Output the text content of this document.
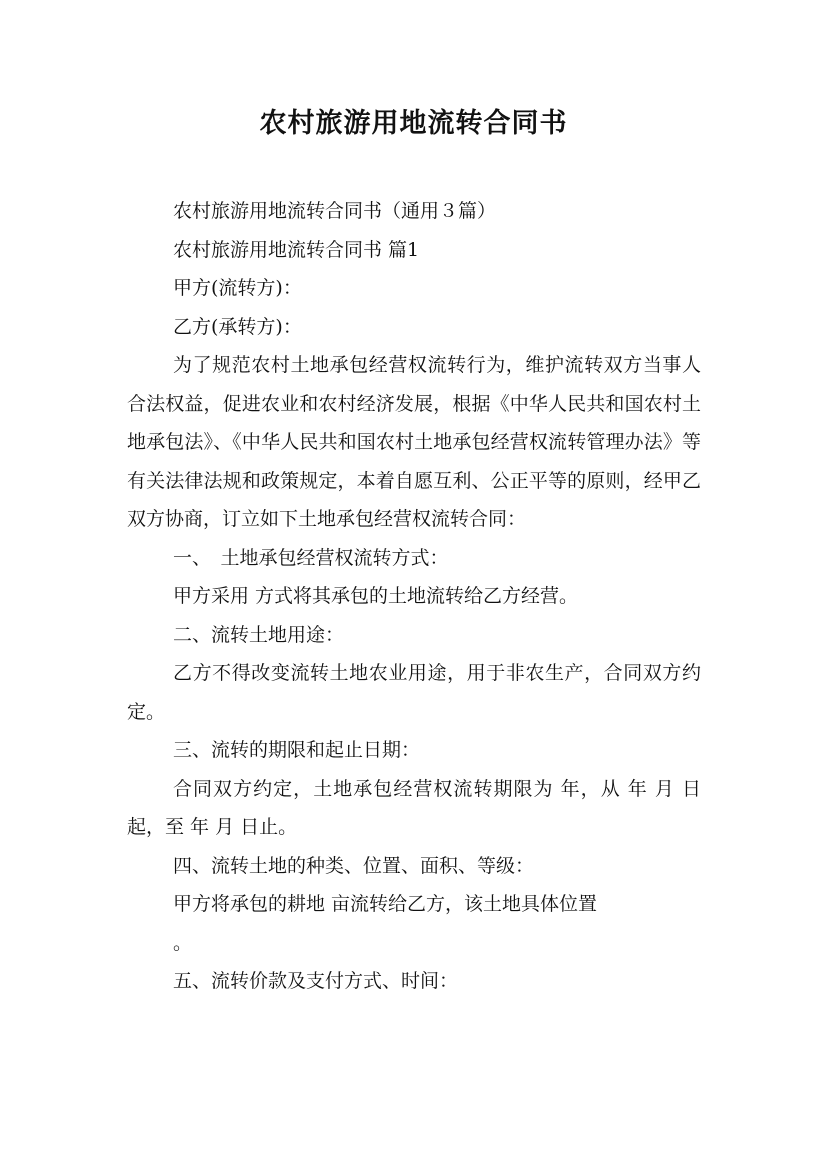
农村旅游用地流转合同书

农村旅游用地流转合同书（通用３篇）

农村旅游用地流转合同书 篇1

甲方(流转方)：

乙方(承转方)：

为了规范农村土地承包经营权流转行为，维护流转双方当事人合法权益，促进农业和农村经济发展，根据《中华人民共和国农村土地承包法》、《中华人民共和国农村土地承包经营权流转管理办法》等有关法律法规和政策规定，本着自愿互利、公正平等的原则，经甲乙双方协商，订立如下土地承包经营权流转合同：

一、　土地承包经营权流转方式：

甲方采用 方式将其承包的土地流转给乙方经营。

二、流转土地用途：

乙方不得改变流转土地农业用途，用于非农生产，合同双方约定。

三、流转的期限和起止日期：

合同双方约定，土地承包经营权流转期限为 年，从 年 月 日起，至 年 月 日止。

四、流转土地的种类、位置、面积、等级：

甲方将承包的耕地 亩流转给乙方，该土地具体位置

。

五、流转价款及支付方式、时间：
